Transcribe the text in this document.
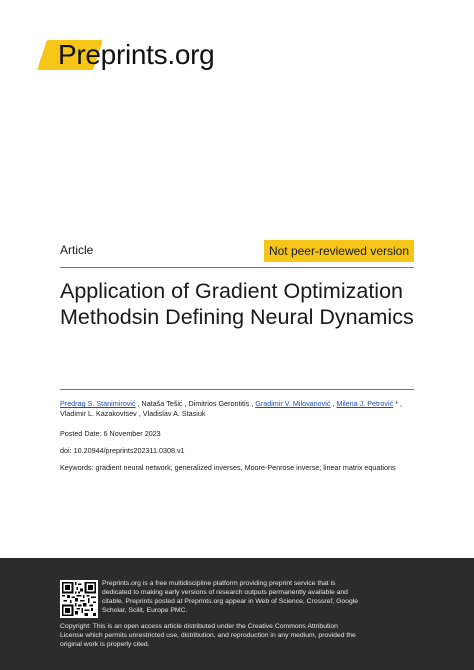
Preprints.org
Article	Not peer-reviewed version
Application of Gradient Optimization Methodsin Defining Neural Dynamics
Predrag S. Stanimirović , Nataša Tešić , Dimitrios Gerontitis , Gradimir V. Milovanović , Milena J. Petrović * , Vladimir L. Kazakovtsev , Vladislav A. Stasiuk
Posted Date: 6 November 2023
doi: 10.20944/preprints202311.0308.v1
Keywords: gradient neural network; generalized inverses, Moore-Penrose inverse; linear matrix equations
Preprints.org is a free multidiscipline platform providing preprint service that is dedicated to making early versions of research outputs permanently available and citable. Preprints posted at Preprints.org appear in Web of Science, Crossref, Google Scholar, Scilit, Europe PMC.
Copyright: This is an open access article distributed under the Creative Commons Attribution License which permits unrestricted use, distribution, and reproduction in any medium, provided the original work is properly cited.
